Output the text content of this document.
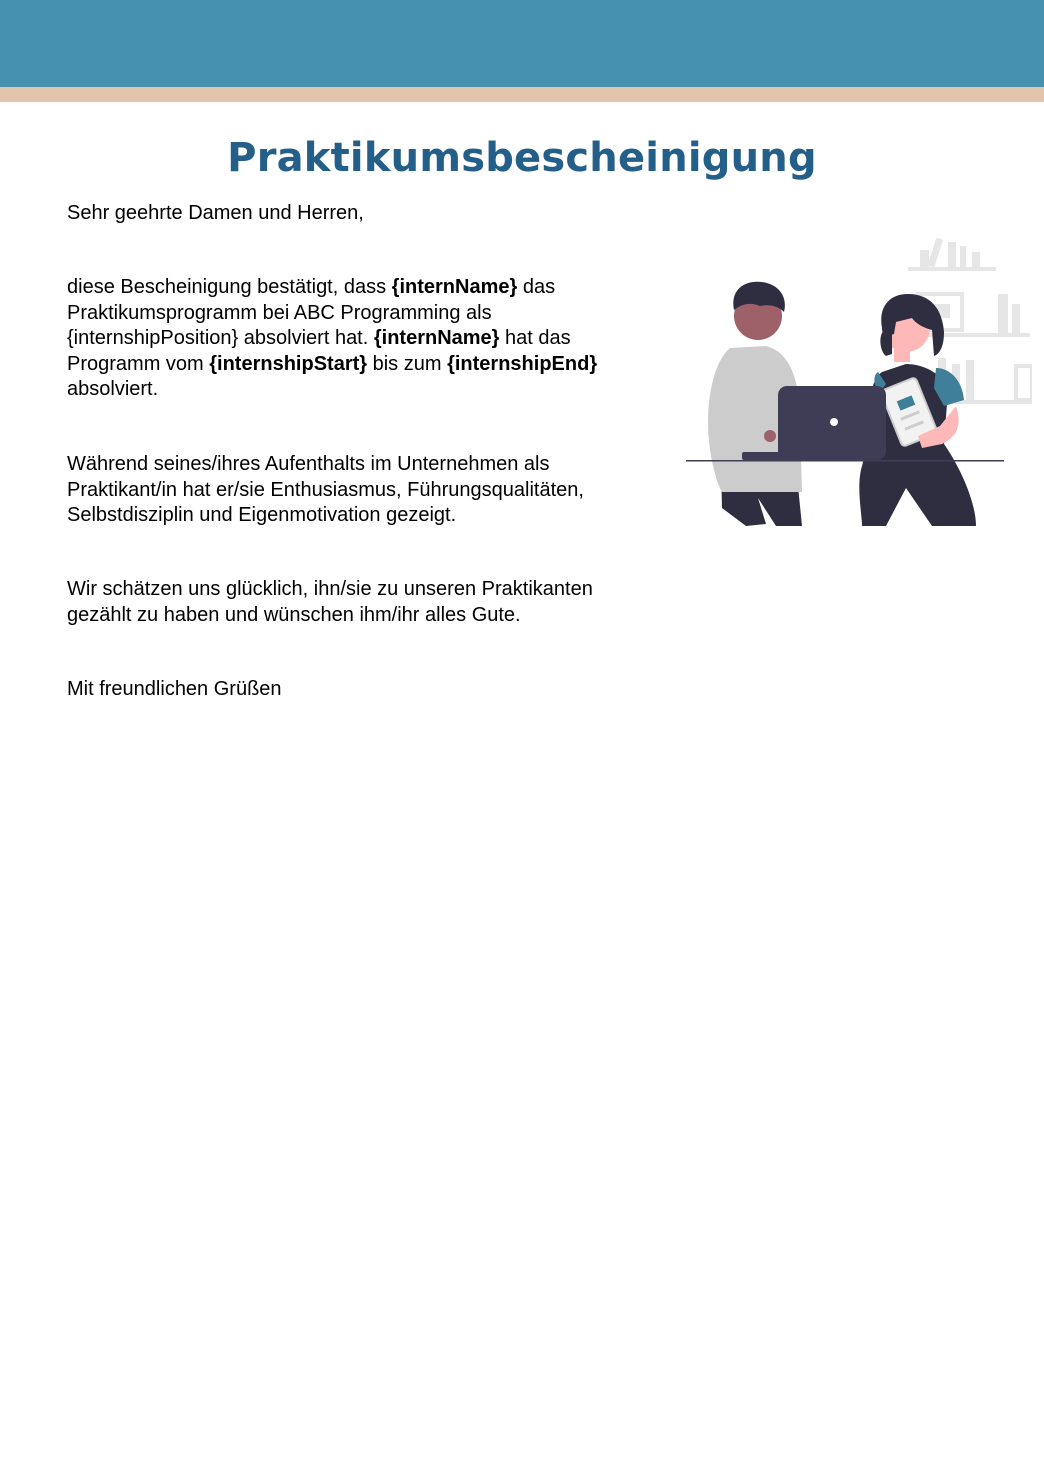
Praktikumsbescheinigung

Sehr geehrte Damen und Herren,

diese Bescheinigung bestätigt, dass {internName} das Praktikumsprogramm bei ABC Programming als {internshipPosition} absolviert hat. {internName} hat das Programm vom {internshipStart} bis zum {internshipEnd} absolviert.

Während seines/ihres Aufenthalts im Unternehmen als Praktikant/in hat er/sie Enthusiasmus, Führungsqualitäten, Selbstdisziplin und Eigenmotivation gezeigt.

Wir schätzen uns glücklich, ihn/sie zu unseren Praktikanten gezählt zu haben und wünschen ihm/ihr alles Gute.

Mit freundlichen Grüßen
